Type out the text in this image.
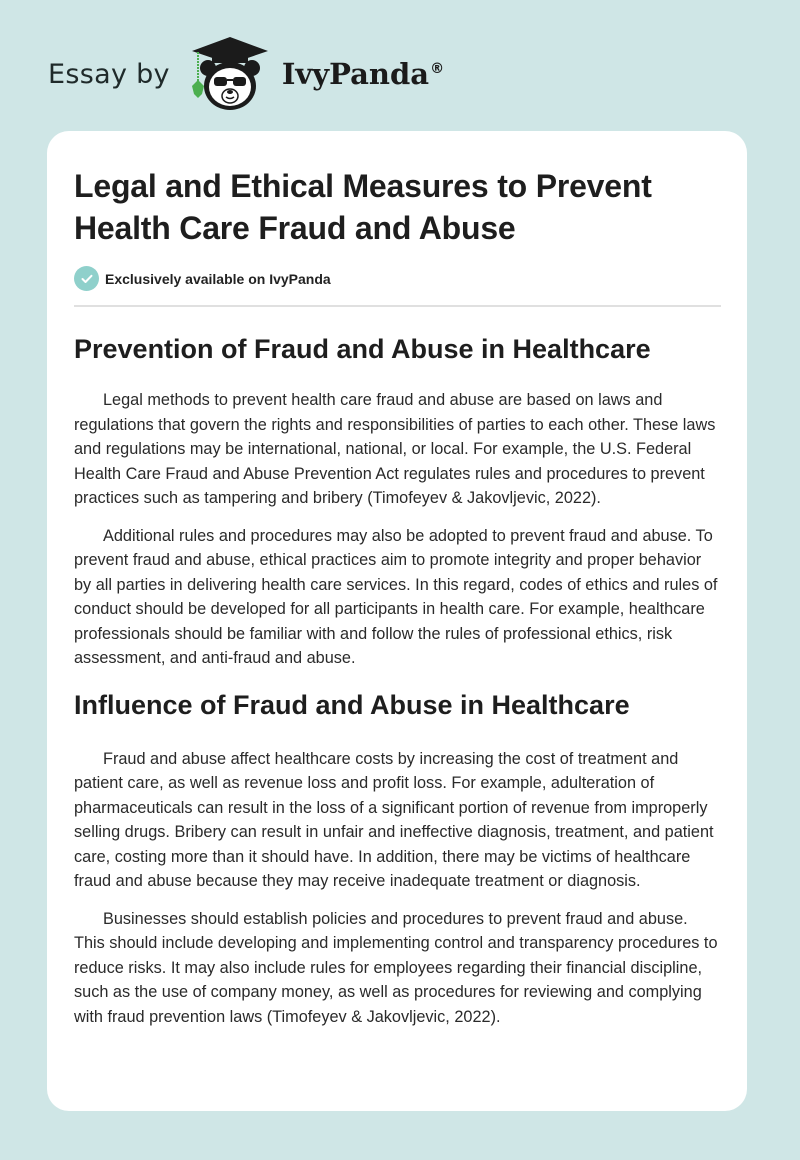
Essay by	IvyPanda®
Legal and Ethical Measures to Prevent Health Care Fraud and Abuse
Exclusively available on IvyPanda
Prevention of Fraud and Abuse in Healthcare

Legal methods to prevent health care fraud and abuse are based on laws and regulations that govern the rights and responsibilities of parties to each other. These laws and regulations may be international, national, or local. For example, the U.S. Federal Health Care Fraud and Abuse Prevention Act regulates rules and procedures to prevent practices such as tampering and bribery (Timofeyev & Jakovljevic, 2022).

Additional rules and procedures may also be adopted to prevent fraud and abuse. To prevent fraud and abuse, ethical practices aim to promote integrity and proper behavior by all parties in delivering health care services. In this regard, codes of ethics and rules of conduct should be developed for all participants in health care. For example, healthcare professionals should be familiar with and follow the rules of professional ethics, risk assessment, and anti-fraud and abuse.

Influence of Fraud and Abuse in Healthcare

Fraud and abuse affect healthcare costs by increasing the cost of treatment and patient care, as well as revenue loss and profit loss. For example, adulteration of pharmaceuticals can result in the loss of a significant portion of revenue from improperly selling drugs. Bribery can result in unfair and ineffective diagnosis, treatment, and patient care, costing more than it should have. In addition, there may be victims of healthcare fraud and abuse because they may receive inadequate treatment or diagnosis.

Businesses should establish policies and procedures to prevent fraud and abuse. This should include developing and implementing control and transparency procedures to reduce risks. It may also include rules for employees regarding their financial discipline, such as the use of company money, as well as procedures for reviewing and complying with fraud prevention laws (Timofeyev & Jakovljevic, 2022).
